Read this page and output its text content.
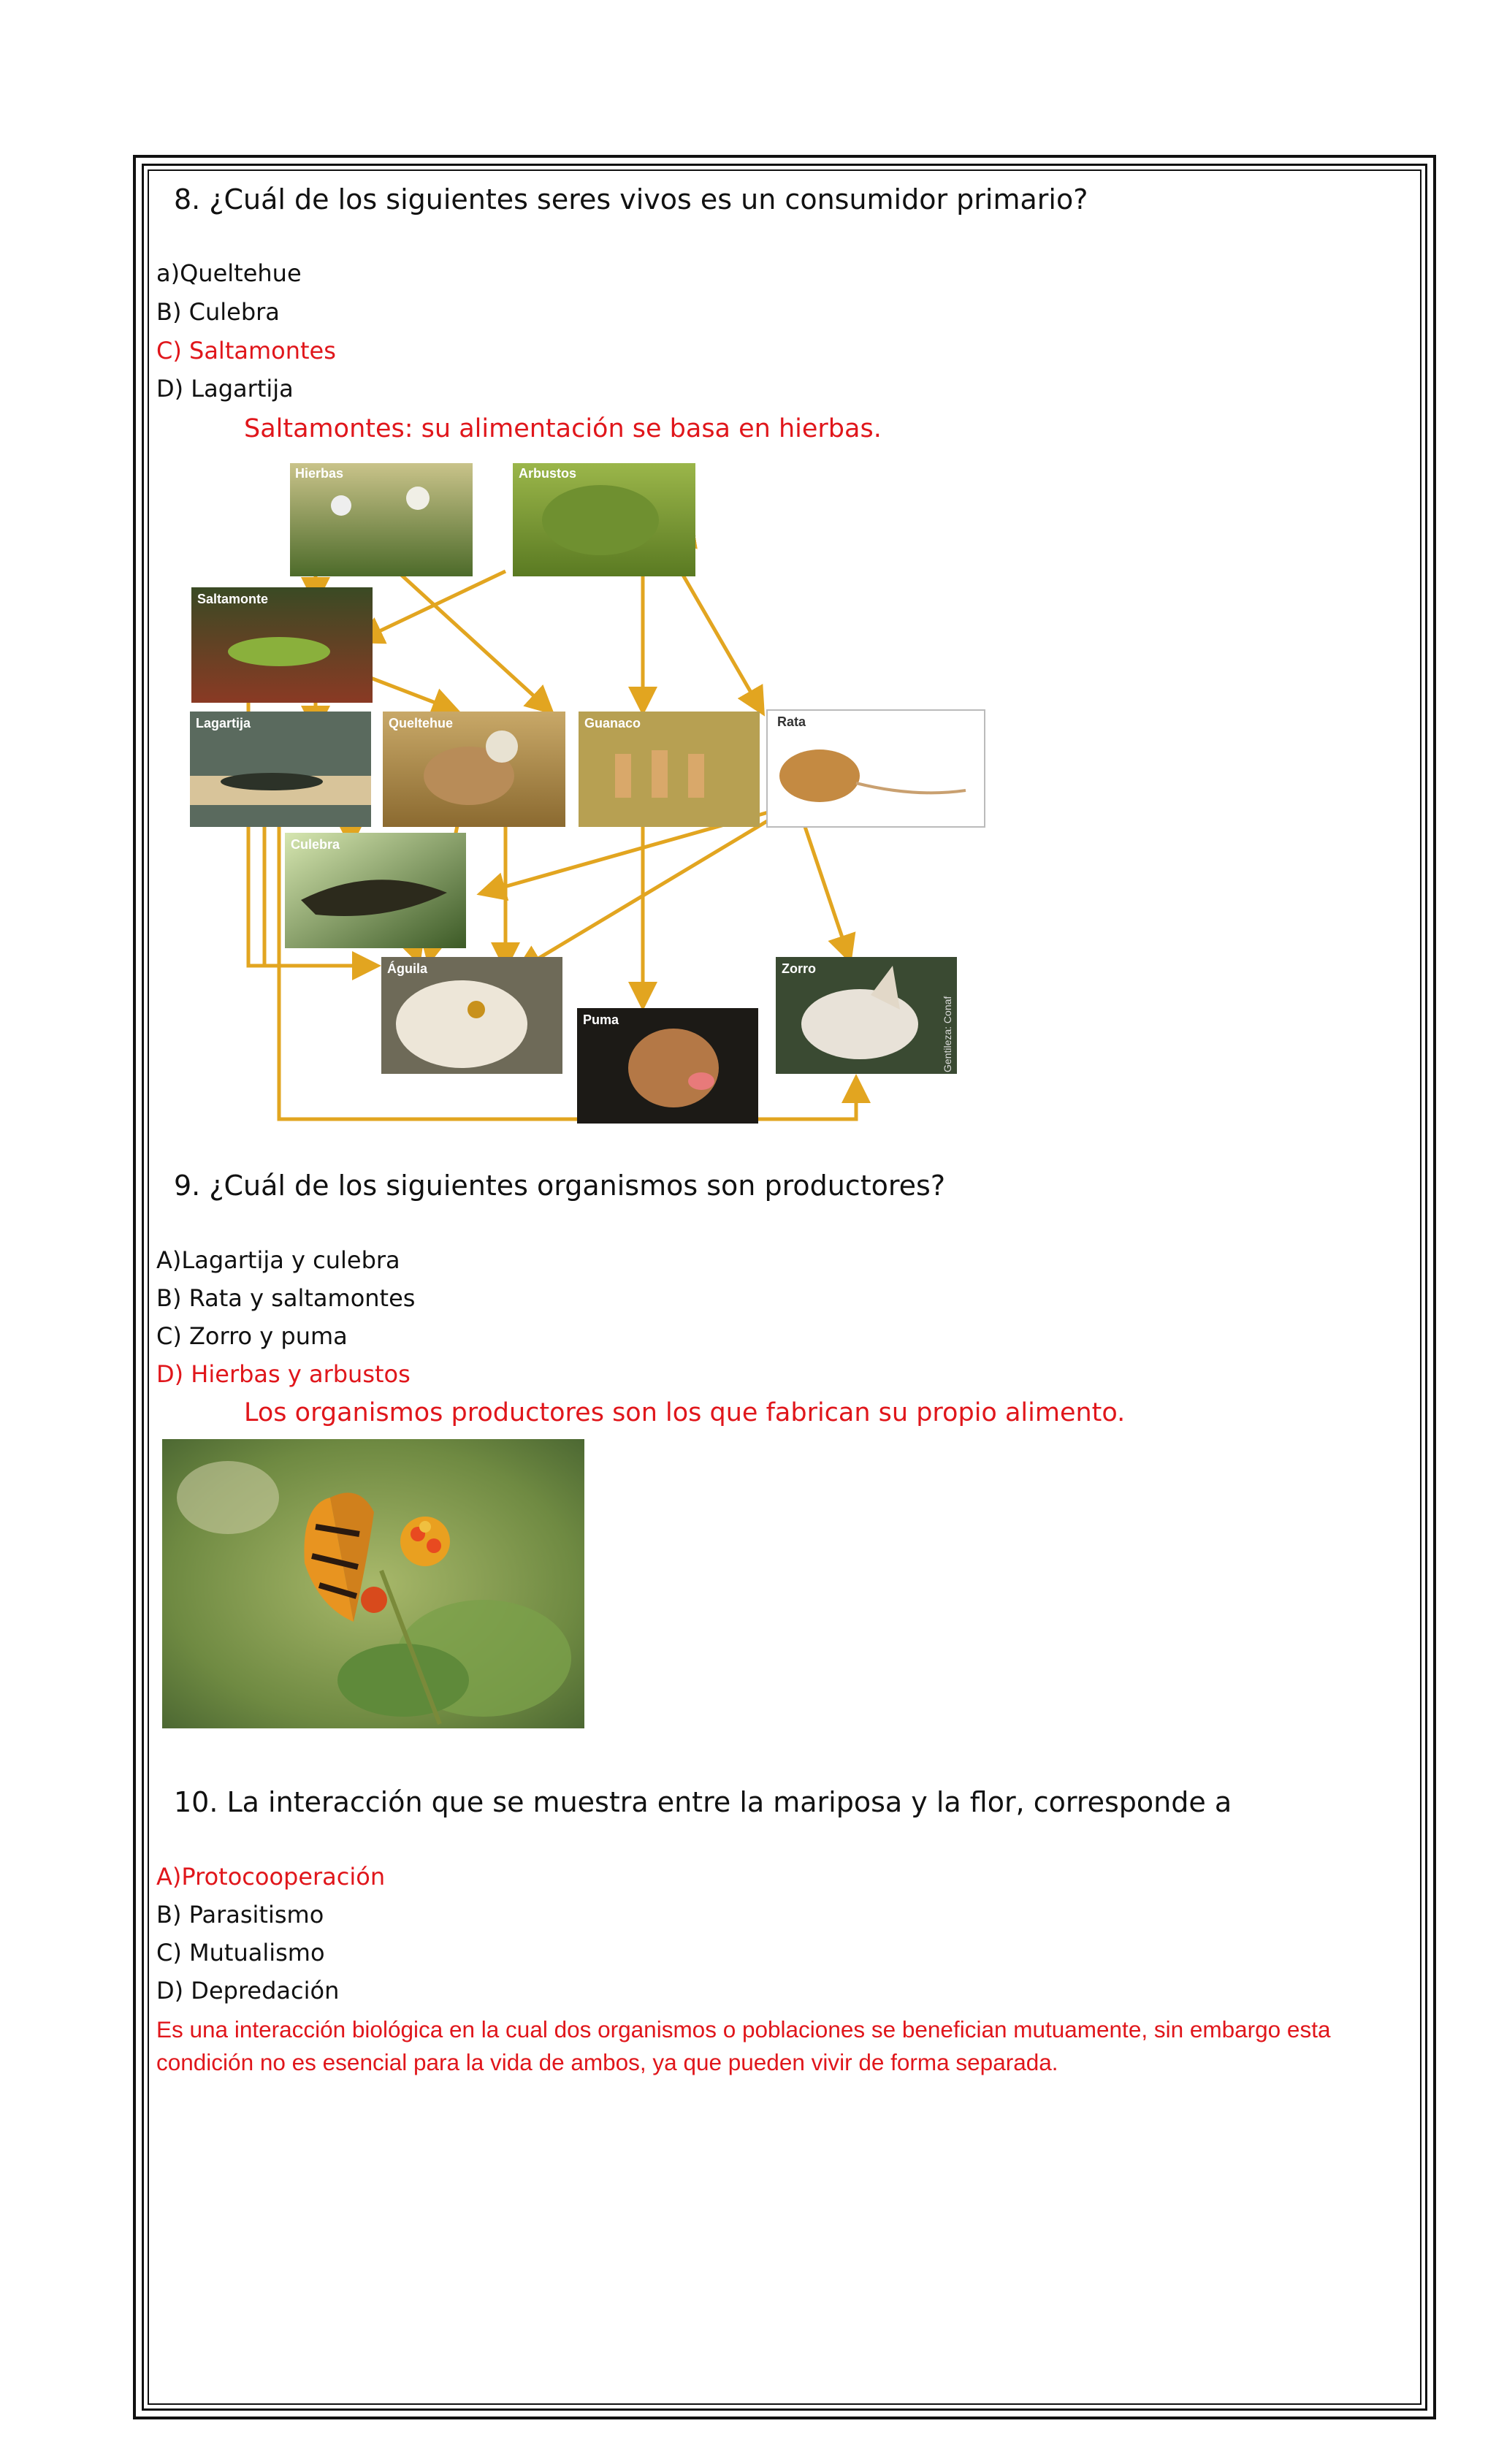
8. ¿Cuál de los siguientes seres vivos es un consumidor primario?
a)Queltehue
B) Culebra
C) Saltamontes
D) Lagartija
Saltamontes: su alimentación se basa en hierbas.
Hierbas	Arbustos
Saltamonte
Lagartija	Queltehue	Guanaco	Rata
Culebra
Águila
Puma
Zorro
Gentileza: Conaf
9. ¿Cuál de los siguientes organismos son productores?
A)Lagartija y culebra
B) Rata y saltamontes
C) Zorro y puma
D) Hierbas y arbustos
Los organismos productores son los que fabrican su propio alimento.
10. La interacción que se muestra entre la mariposa y la flor, corresponde a
A)Protocooperación
B) Parasitismo
C) Mutualismo
D) Depredación
Es una interacción biológica en la cual dos organismos o poblaciones se benefician mutuamente, sin embargo esta condición no es esencial para la vida de ambos, ya que pueden vivir de forma separada.
